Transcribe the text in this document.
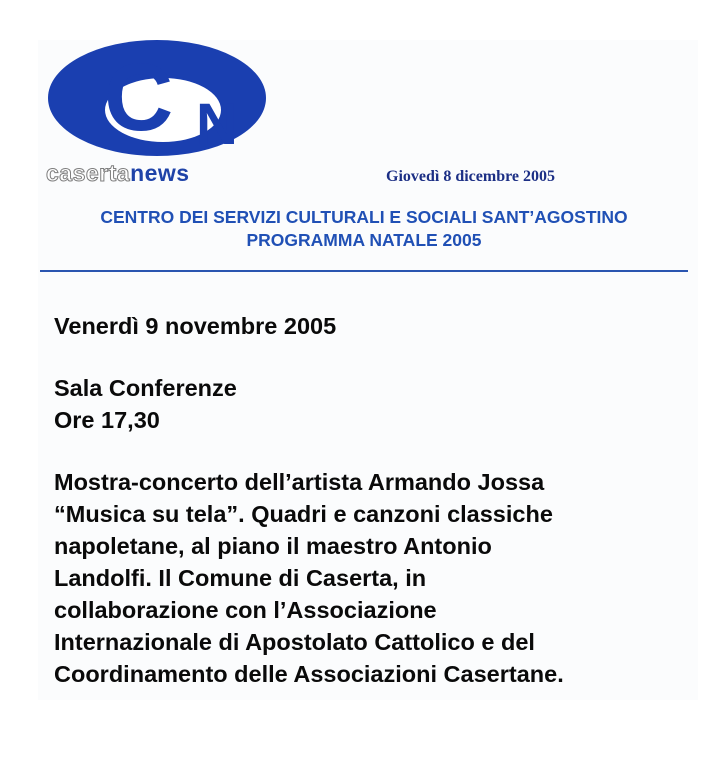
C N
casertanews	Giovedì 8 dicembre 2005
CENTRO DEI SERVIZI CULTURALI E SOCIALI SANT’AGOSTINO
PROGRAMMA NATALE 2005
Venerdì 9 novembre 2005
Sala Conferenze
Ore 17,30
Mostra-concerto dell’artista Armando Jossa
“Musica su tela”. Quadri e canzoni classiche
napoletane, al piano il maestro Antonio
Landolfi. Il Comune di Caserta, in
collaborazione con l’Associazione
Internazionale di Apostolato Cattolico e del
Coordinamento delle Associazioni Casertane.
